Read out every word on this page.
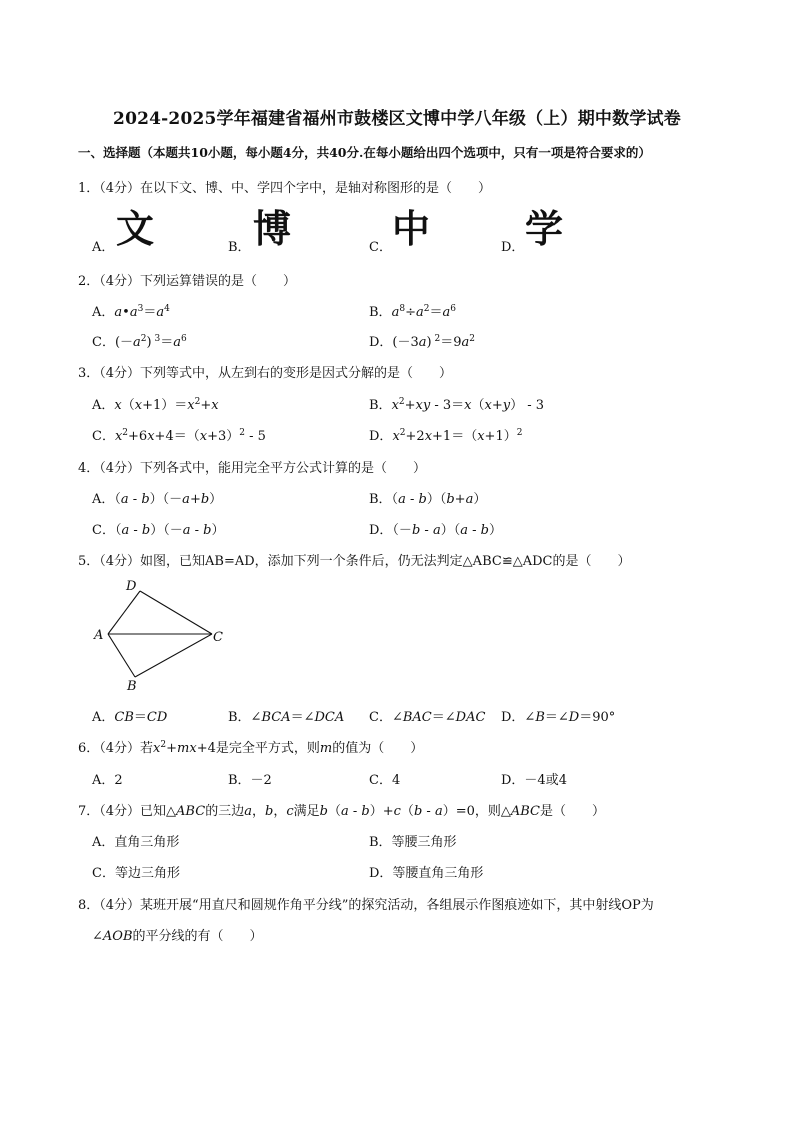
2024-2025学年福建省福州市鼓楼区文博中学八年级（上）期中数学试卷
一、选择题（本题共10小题，每小题4分，共40分.在每小题给出四个选项中，只有一项是符合要求的）
1．（4分）在以下文、博、中、学四个字中，是轴对称图形的是（　　）
A． 文	B． 博	C． 中	D． 学
2．（4分）下列运算错误的是（　　）
A．$a•a^3=a^4$	B．$a^8\div a^2=a^6$
C．$(-a^2)$ $^3=a^6$	D．(－3a) $^2=9a^2$
3．（4分）下列等式中，从左到右的变形是因式分解的是（　　）
A．$x(x+1)=x^2+x$	B．$x^2+xy - 3=x(x+y) - 3$
C．$x^2+6x+4=(x+3)^2 - 5$	D．$x^2+2x+1=(x+1)^2$
4．（4分）下列各式中，能用完全平方公式计算的是（　　）
A．（a - b）（－a+b）	B．（a - b）（b+a）
C．（a - b）（－a - b）	D．（－b - a）（a - b）
5．（4分）如图，已知AB=AD，添加下列一个条件后，仍无法判定△ABC≌△ADC的是（　　）
D
A	C
B
A．CB＝CD	B．∠BCA＝∠DCA C．∠BAC＝∠DAC D．∠B＝∠D＝90°
6．（4分）若$x^2+mx+4$是完全平方式，则m的值为（　　）
A．2	B．－2	C．4	D．－4或4
7．（4分）已知△ABC的三边a，b，c满足b（a - b）+c（b - a）=0，则△ABC是（　　）
A．直角三角形	B．等腰三角形
C．等边三角形	D．等腰直角三角形
8．（4分）某班开展“用直尺和圆规作角平分线”的探究活动，各组展示作图痕迹如下，其中射线OP为
∠AOB的平分线的有（　　）
